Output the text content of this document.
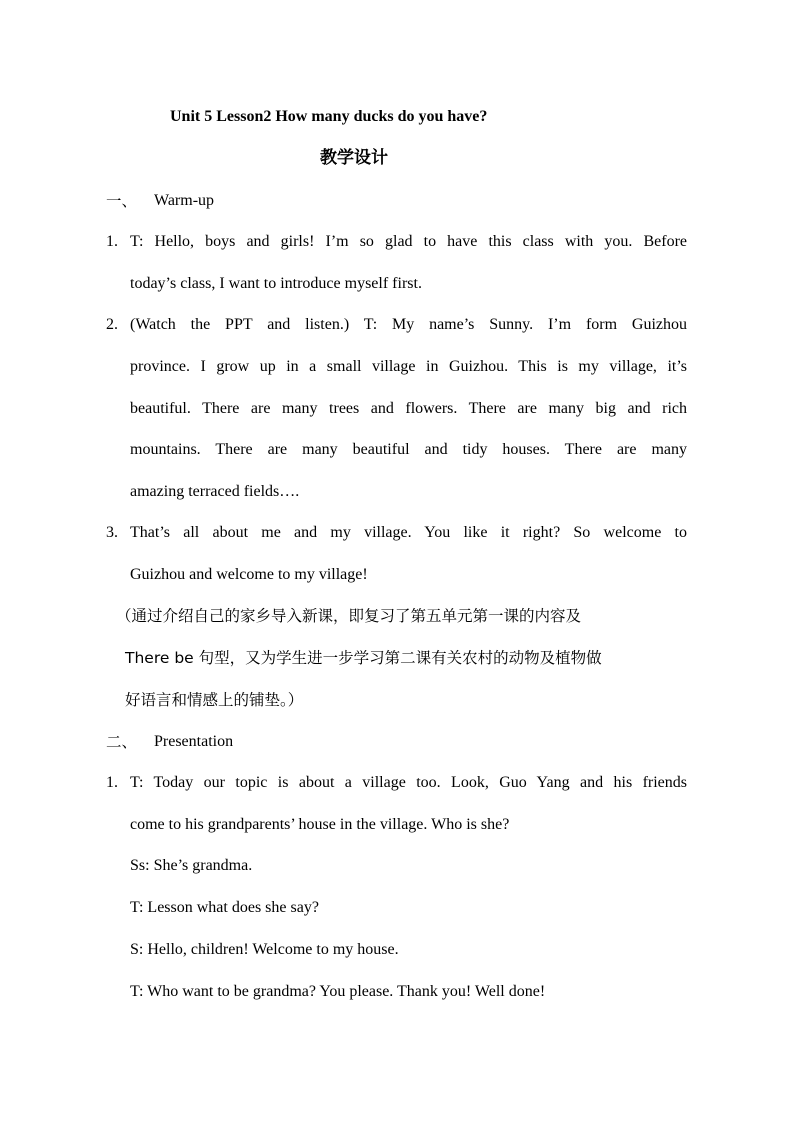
Unit 5 Lesson2 How many ducks do you have?
教学设计
一、 Warm-up
1. T: Hello, boys and girls! I’m so glad to have this class with you. Before
today’s class, I want to introduce myself first.
2. (Watch the PPT and listen.) T: My name’s Sunny. I’m form Guizhou
province. I grow up in a small village in Guizhou. This is my village, it’s
beautiful. There are many trees and flowers. There are many big and rich
mountains. There are many beautiful and tidy houses. There are many
amazing terraced fields….
3. That’s all about me and my village. You like it right? So welcome to
Guizhou and welcome to my village!
（通过介绍自己的家乡导入新课，即复习了第五单元第一课的内容及
There be 句型，又为学生进一步学习第二课有关农村的动物及植物做
好语言和情感上的铺垫。）
二、 Presentation
1. T: Today our topic is about a village too. Look, Guo Yang and his friends
come to his grandparents’ house in the village. Who is she?
Ss: She’s grandma.
T: Lesson what does she say?
S: Hello, children! Welcome to my house.
T: Who want to be grandma? You please. Thank you! Well done!
